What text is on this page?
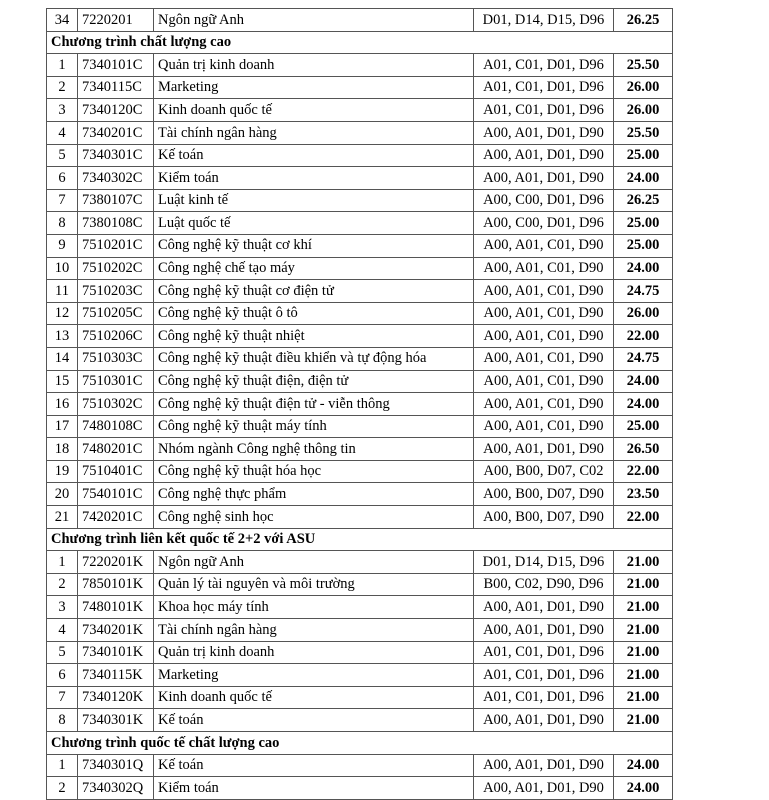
34	7220201	Ngôn ngữ Anh	D01, D14, D15, D96	26.25
Chương trình chất lượng cao				
1	7340101C	Quản trị kinh doanh	A01, C01, D01, D96	25.50
2	7340115C	Marketing	A01, C01, D01, D96	26.00
3	7340120C	Kinh doanh quốc tế	A01, C01, D01, D96	26.00
4	7340201C	Tài chính ngân hàng	A00, A01, D01, D90	25.50
5	7340301C	Kế toán	A00, A01, D01, D90	25.00
6	7340302C	Kiểm toán	A00, A01, D01, D90	24.00
7	7380107C	Luật kinh tế	A00, C00, D01, D96	26.25
8	7380108C	Luật quốc tế	A00, C00, D01, D96	25.00
9	7510201C	Công nghệ kỹ thuật cơ khí	A00, A01, C01, D90	25.00
10	7510202C	Công nghệ chế tạo máy	A00, A01, C01, D90	24.00
11	7510203C	Công nghệ kỹ thuật cơ điện tử	A00, A01, C01, D90	24.75
12	7510205C	Công nghệ kỹ thuật ô tô	A00, A01, C01, D90	26.00
13	7510206C	Công nghệ kỹ thuật nhiệt	A00, A01, C01, D90	22.00
14	7510303C	Công nghệ kỹ thuật điều khiển và tự động hóa	A00, A01, C01, D90	24.75
15	7510301C	Công nghệ kỹ thuật điện, điện tử	A00, A01, C01, D90	24.00
16	7510302C	Công nghệ kỹ thuật điện tử - viễn thông	A00, A01, C01, D90	24.00
17	7480108C	Công nghệ kỹ thuật máy tính	A00, A01, C01, D90	25.00
18	7480201C	Nhóm ngành Công nghệ thông tin	A00, A01, D01, D90	26.50
19	7510401C	Công nghệ kỹ thuật hóa học	A00, B00, D07, C02	22.00
20	7540101C	Công nghệ thực phẩm	A00, B00, D07, D90	23.50
21	7420201C	Công nghệ sinh học	A00, B00, D07, D90	22.00
Chương trình liên kết quốc tế 2+2 với ASU				
1	7220201K	Ngôn ngữ Anh	D01, D14, D15, D96	21.00
2	7850101K	Quản lý tài nguyên và môi trường	B00, C02, D90, D96	21.00
3	7480101K	Khoa học máy tính	A00, A01, D01, D90	21.00
4	7340201K	Tài chính ngân hàng	A00, A01, D01, D90	21.00
5	7340101K	Quản trị kinh doanh	A01, C01, D01, D96	21.00
6	7340115K	Marketing	A01, C01, D01, D96	21.00
7	7340120K	Kinh doanh quốc tế	A01, C01, D01, D96	21.00
8	7340301K	Kế toán	A00, A01, D01, D90	21.00
Chương trình quốc tế chất lượng cao				
1	7340301Q	Kế toán	A00, A01, D01, D90	24.00
2	7340302Q	Kiểm toán	A00, A01, D01, D90	24.00
